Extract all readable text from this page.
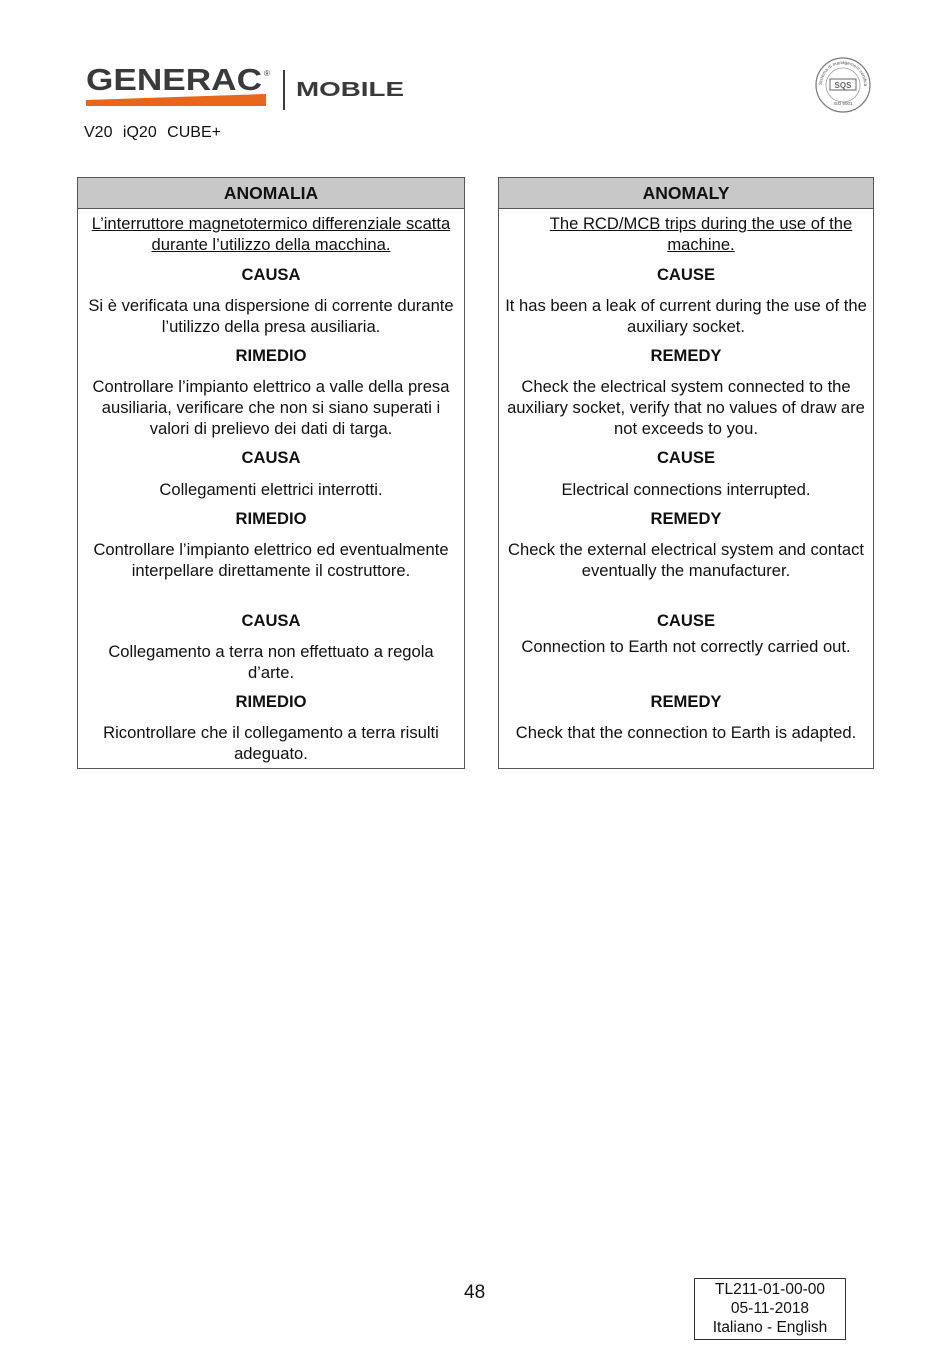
GENERAC ®
MOBILE
V20 iQ20 CUBE+
Sistema di management certifica
SQS
ISO 9001
ANOMALIA
L’interruttore magnetotermico differenziale scatta durante l’utilizzo della macchina.
CAUSA
Si è verificata una dispersione di corrente durante l’utilizzo della presa ausiliaria.
RIMEDIO
Controllare l’impianto elettrico a valle della presa ausiliaria, verificare che non si siano superati i valori di prelievo dei dati di targa.
CAUSA
Collegamenti elettrici interrotti.
RIMEDIO
Controllare l’impianto elettrico ed eventualmente interpellare direttamente il costruttore.
CAUSA
Collegamento a terra non effettuato a regola d’arte.
RIMEDIO
Ricontrollare che il collegamento a terra risulti adeguato.
ANOMALY
The RCD/MCB trips during the use of the machine.
CAUSE
It has been a leak of current during the use of the auxiliary socket.
REMEDY
Check the electrical system connected to the auxiliary socket, verify that no values of draw are not exceeds to you.
CAUSE
Electrical connections interrupted.
REMEDY
Check the external electrical system and contact eventually the manufacturer.
CAUSE
Connection to Earth not correctly carried out.
REMEDY
Check that the connection to Earth is adapted.
48	TL211-01-00-00
05-11-2018
Italiano - English
